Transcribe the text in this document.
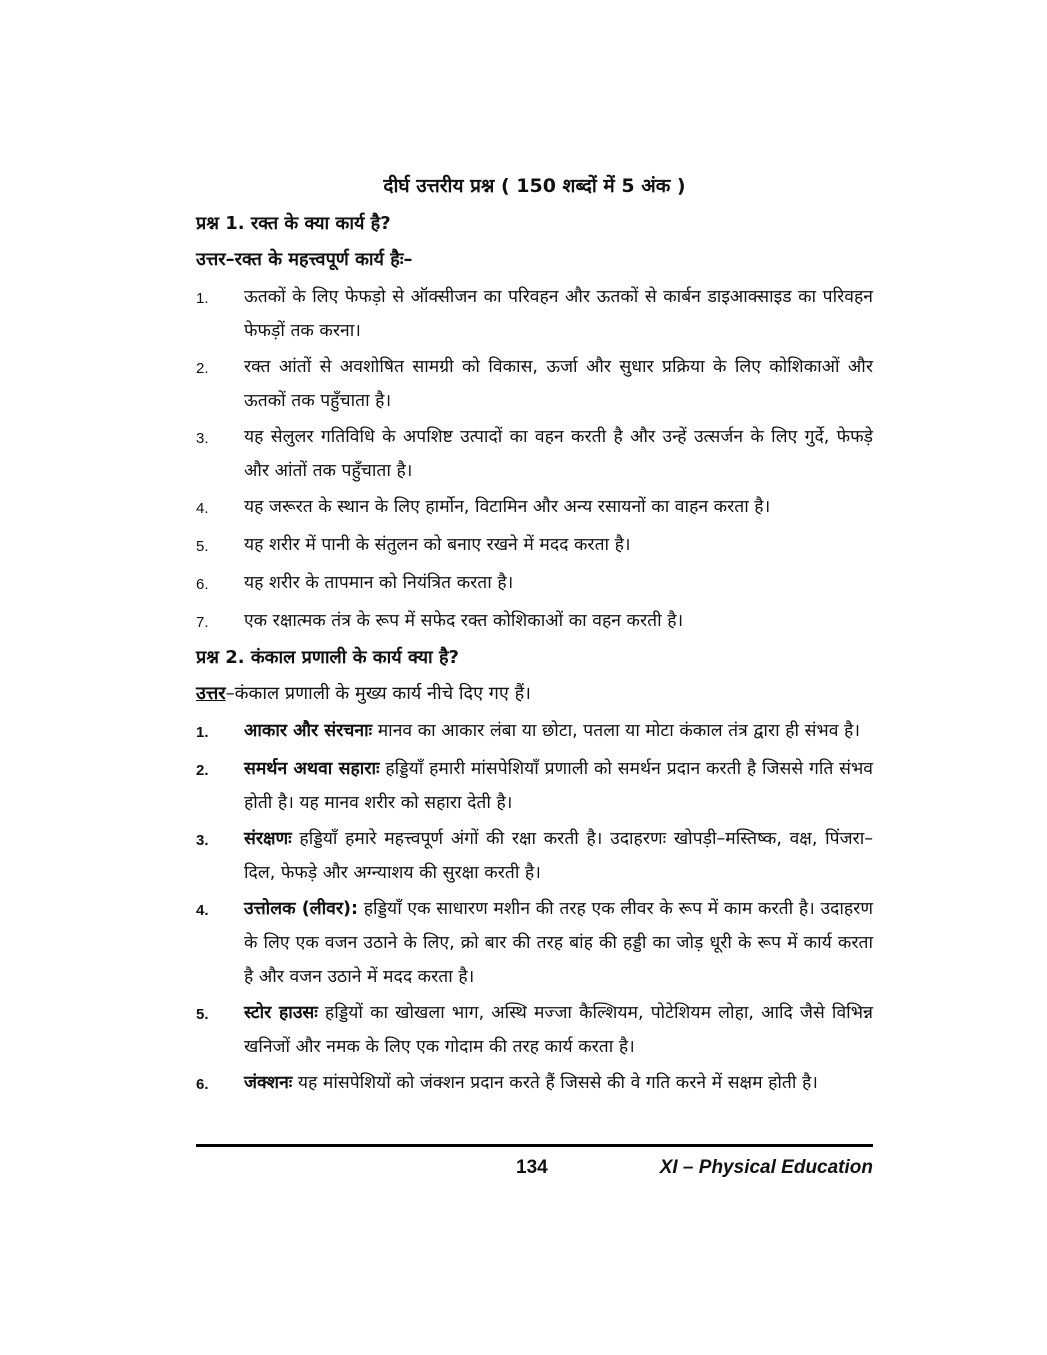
दीर्घ उत्तरीय प्रश्न ( 150 शब्दों में 5 अंक )
प्रश्न 1. रक्त के क्या कार्य है?
उत्तर–रक्त के महत्त्वपूर्ण कार्य हैः–
1.	ऊतकों के लिए फेफड़ो से ऑक्सीजन का परिवहन और ऊतकों से कार्बन डाइआक्साइड का परिवहन फेफड़ों तक करना।
2.	रक्त आंतों से अवशोषित सामग्री को विकास, ऊर्जा और सुधार प्रक्रिया के लिए कोशिकाओं और ऊतकों तक पहुँचाता है।
3.	यह सेलुलर गतिविधि के अपशिष्ट उत्पादों का वहन करती है और उन्हें उत्सर्जन के लिए गुर्दे, फेफड़े और आंतों तक पहुँचाता है।
4.	यह जरूरत के स्थान के लिए हार्मोन, विटामिन और अन्य रसायनों का वाहन करता है।
5.	यह शरीर में पानी के संतुलन को बनाए रखने में मदद करता है।
6.	यह शरीर के तापमान को नियंत्रित करता है।
7.	एक रक्षात्मक तंत्र के रूप में सफेद रक्त कोशिकाओं का वहन करती है।
प्रश्न 2. कंकाल प्रणाली के कार्य क्या है?
उत्तर–कंकाल प्रणाली के मुख्य कार्य नीचे दिए गए हैं।
1.	आकार और संरचनाः मानव का आकार लंबा या छोटा, पतला या मोटा कंकाल तंत्र द्वारा ही संभव है।
2.	समर्थन अथवा सहाराः हड्डियाँ हमारी मांसपेशियाँ प्रणाली को समर्थन प्रदान करती है जिससे गति संभव होती है। यह मानव शरीर को सहारा देती है।
3.	संरक्षणः हड्डियाँ हमारे महत्त्वपूर्ण अंगों की रक्षा करती है। उदाहरणः खोपड़ी–मस्तिष्क, वक्ष, पिंजरा–दिल, फेफड़े और अग्न्याशय की सुरक्षा करती है।
4.	उत्तोलक (लीवर): हड्डियाँ एक साधारण मशीन की तरह एक लीवर के रूप में काम करती है। उदाहरण के लिए एक वजन उठाने के लिए, क्रो बार की तरह बांह की हड्डी का जोड़ धूरी के रूप में कार्य करता है और वजन उठाने में मदद करता है।
5.	स्टोर हाउसः हड्डियों का खोखला भाग, अस्थि मज्जा कैल्शियम, पोटेशियम लोहा, आदि जैसे विभिन्न खनिजों और नमक के लिए एक गोदाम की तरह कार्य करता है।
6.	जंक्शनः यह मांसपेशियों को जंक्शन प्रदान करते हैं जिससे की वे गति करने में सक्षम होती है।
134	XI – Physical Education
